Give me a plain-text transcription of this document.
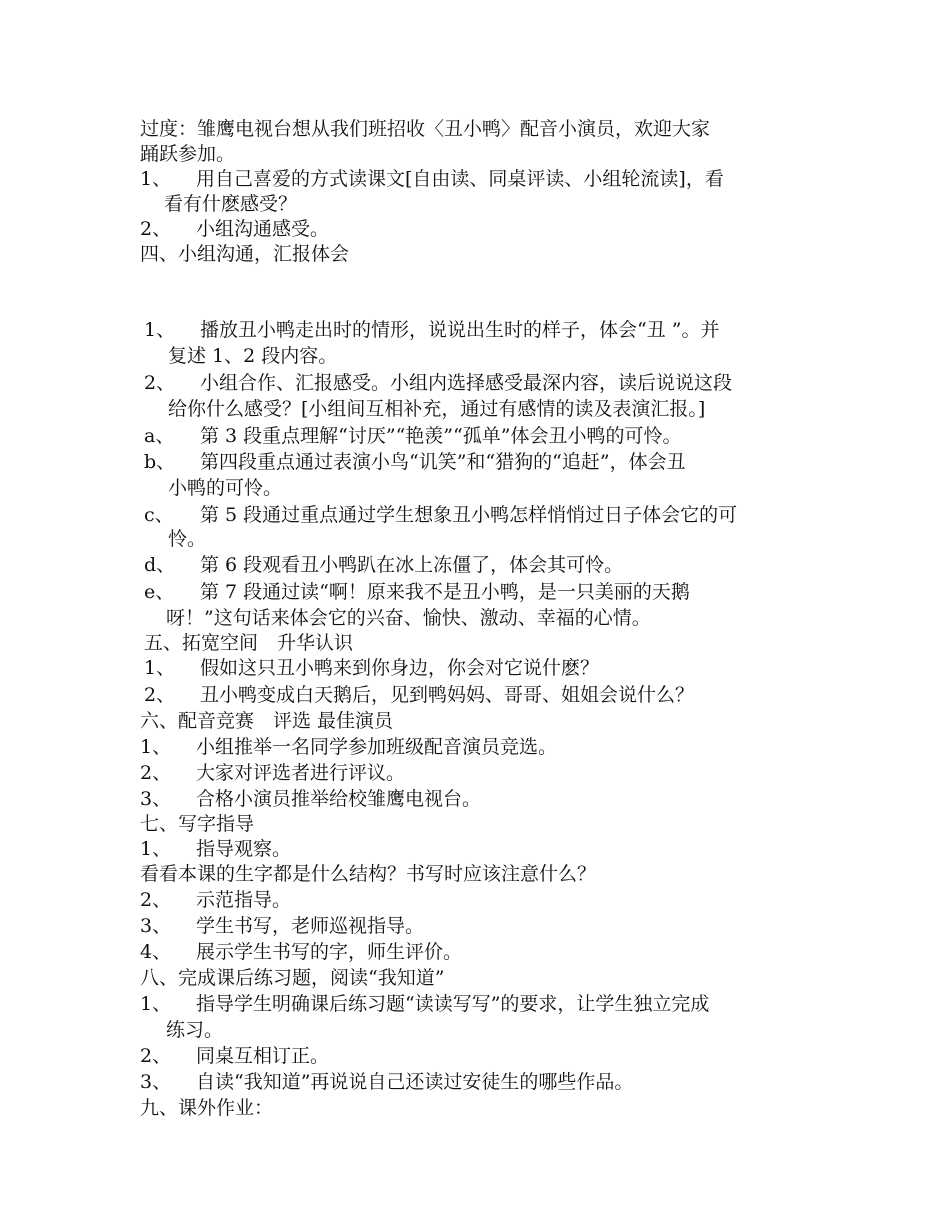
过度：雏鹰电视台想从我们班招收〈丑小鸭〉配音小演员，欢迎大家
踊跃参加。
1、 用自己喜爱的方式读课文[自由读、同桌评读、小组轮流读]，看
看有什麽感受？
2、 小组沟通感受。
四、小组沟通，汇报体会
1、 播放丑小鸭走出时的情形，说说出生时的样子，体会“丑 ”。并
复述 1、2 段内容。
2、 小组合作、汇报感受。小组内选择感受最深内容，读后说说这段
给你什么感受？[小组间互相补充，通过有感情的读及表演汇报。]
a、 第 3 段重点理解“讨厌”“艳羡”“孤单”体会丑小鸭的可怜。
b、 第四段重点通过表演小鸟“讥笑”和“猎狗的“追赶”，体会丑
小鸭的可怜。
c、 第 5 段通过重点通过学生想象丑小鸭怎样悄悄过日子体会它的可
怜。
d、 第 6 段观看丑小鸭趴在冰上冻僵了，体会其可怜。
e、 第 7 段通过读“啊！原来我不是丑小鸭，是一只美丽的天鹅
呀！”这句话来体会它的兴奋、愉快、激动、幸福的心情。
五、拓宽空间　升华认识
1、 假如这只丑小鸭来到你身边，你会对它说什麽？
2、 丑小鸭变成白天鹅后，见到鸭妈妈、哥哥、姐姐会说什么？
六、配音竞赛　评选 最佳演员
1、 小组推举一名同学参加班级配音演员竞选。
2、 大家对评选者进行评议。
3、 合格小演员推举给校雏鹰电视台。
七、写字指导
1、 指导观察。
看看本课的生字都是什么结构？书写时应该注意什么？
2、 示范指导。
3、 学生书写，老师巡视指导。
4、 展示学生书写的字，师生评价。
八、完成课后练习题，阅读“我知道”
1、 指导学生明确课后练习题“读读写写”的要求，让学生独立完成
练习。
2、 同桌互相订正。
3、 自读“我知道”再说说自己还读过安徒生的哪些作品。
九、课外作业：
